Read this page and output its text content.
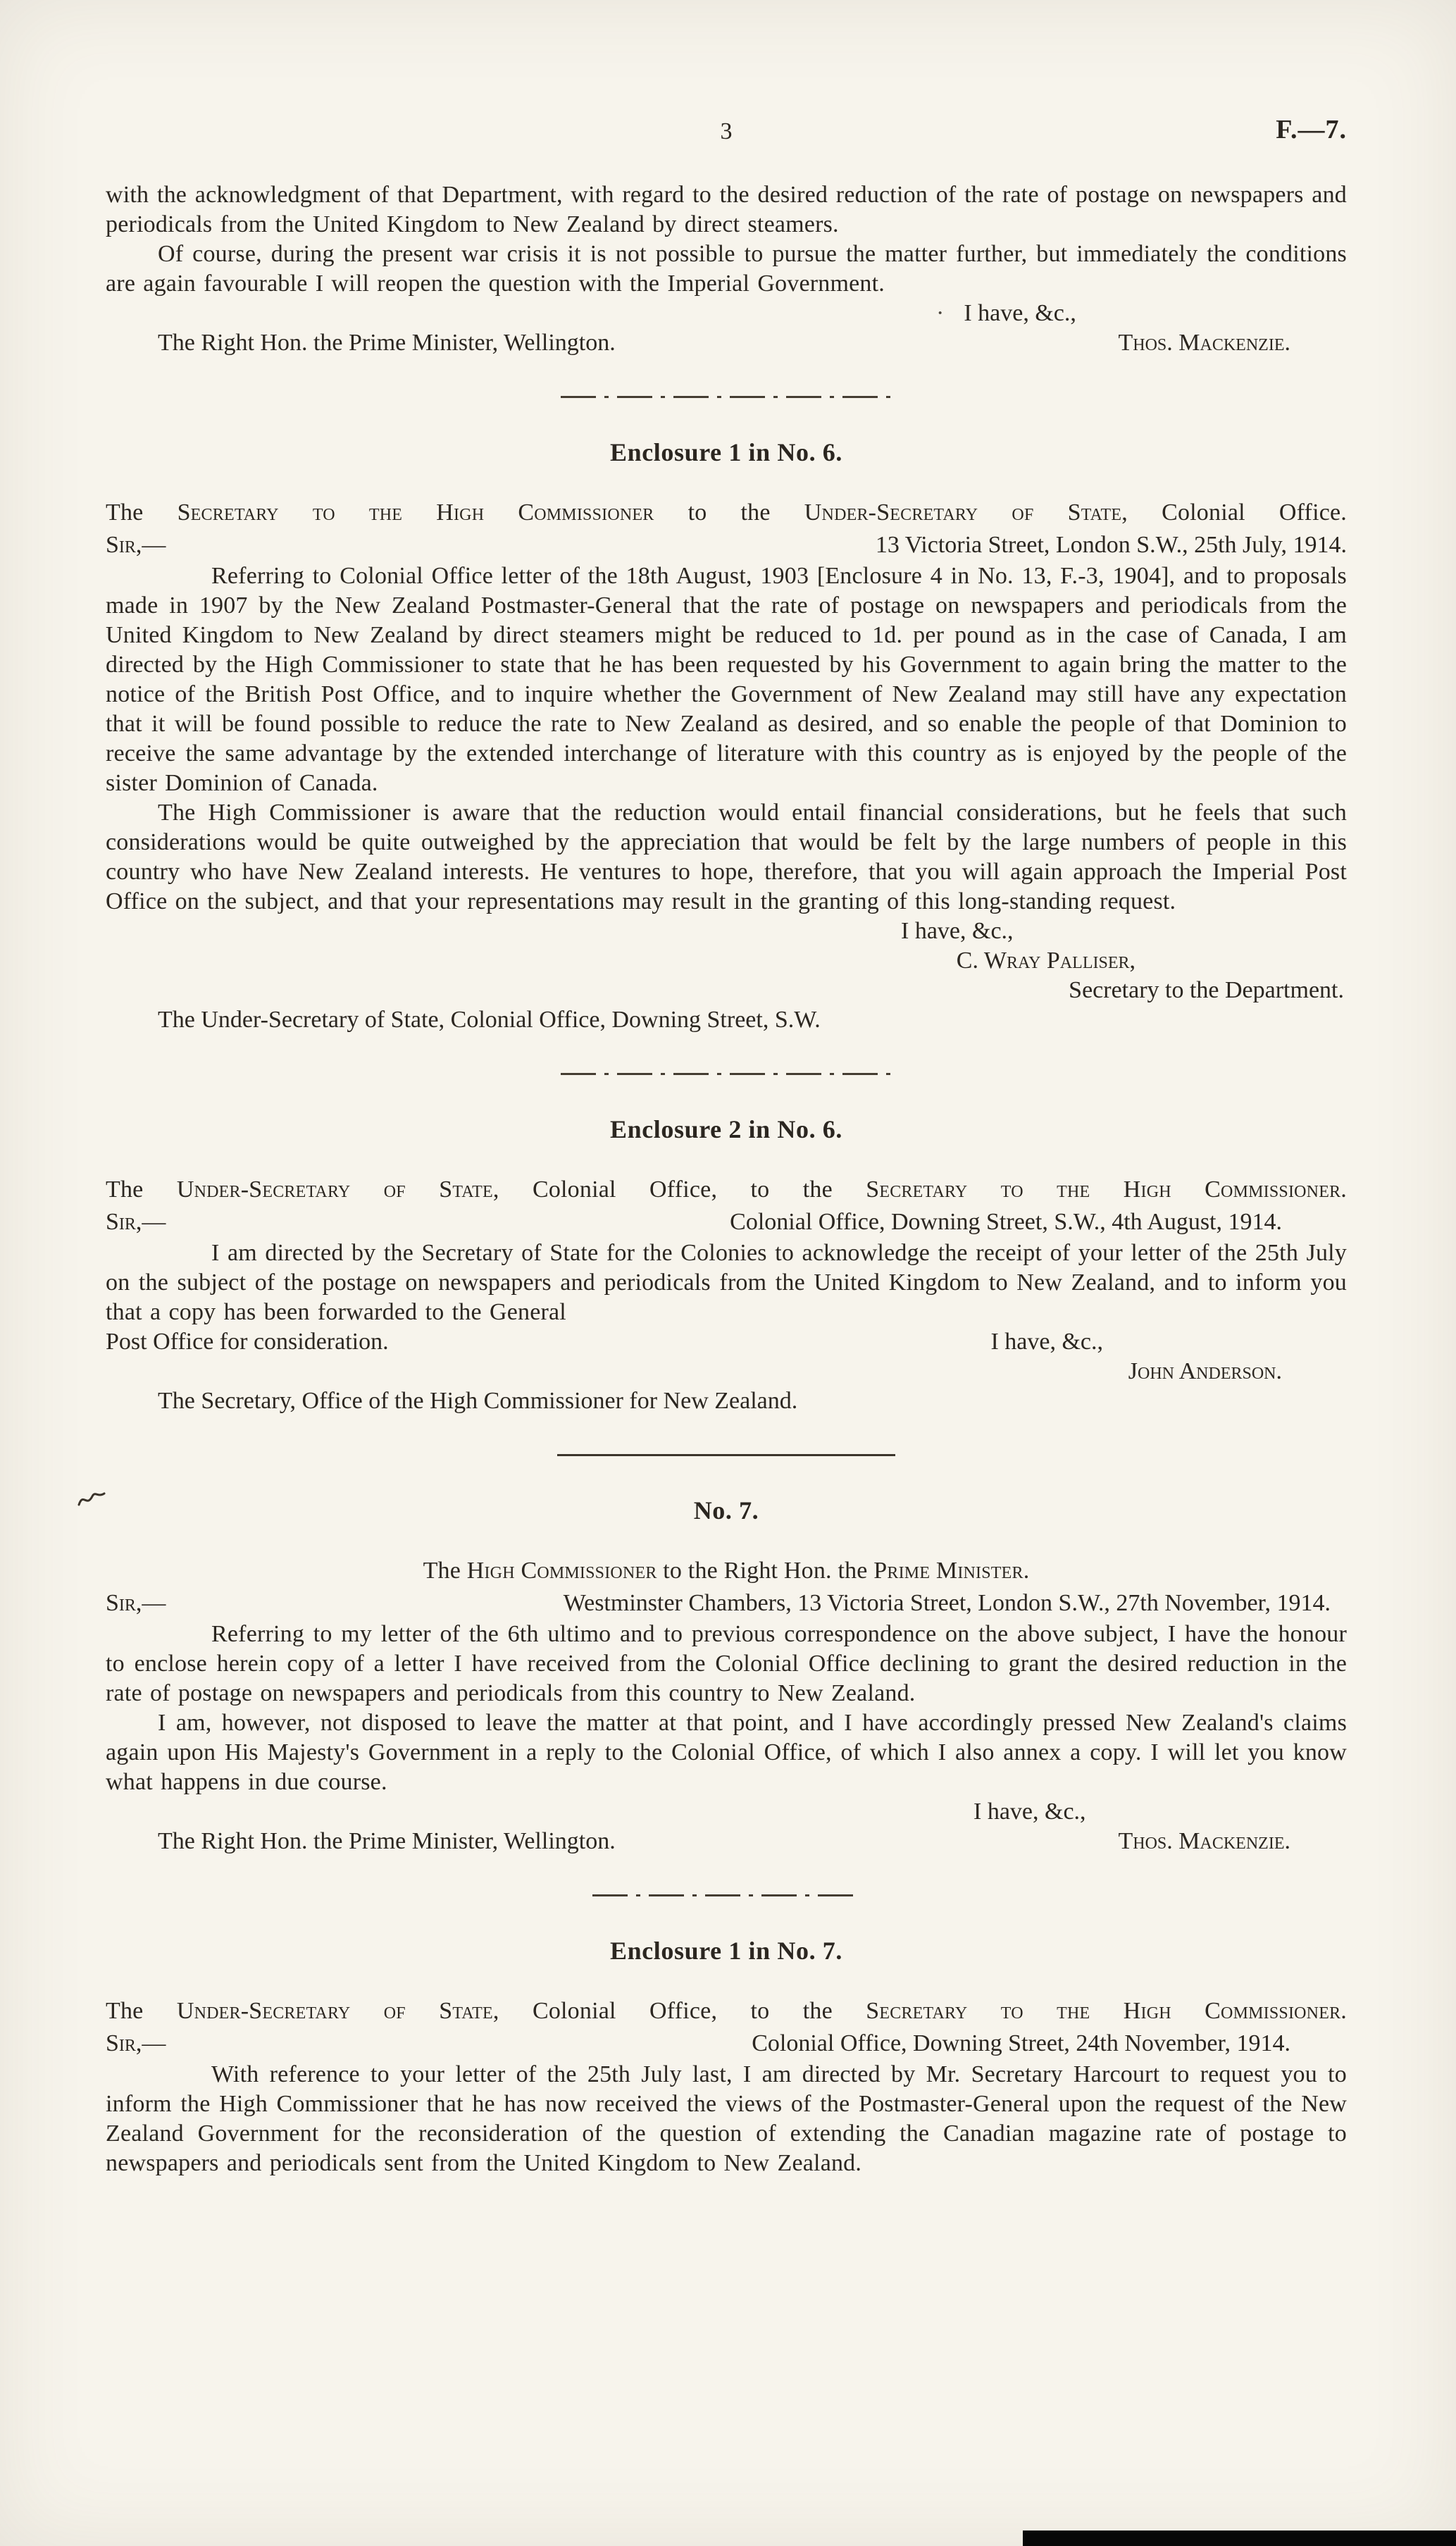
3	F.—7.

with the acknowledgment of that Department, with regard to the desired reduction of the rate of postage on newspapers and periodicals from the United Kingdom to New Zealand by direct steamers.

Of course, during the present war crisis it is not possible to pursue the matter further, but immediately the conditions are again favourable I will reopen the question with the Imperial Government.

· I have, &c.,
The Right Hon. the Prime Minister, Wellington.	Thos. Mackenzie.
Enclosure 1 in No. 6.

The Secretary to the High Commissioner to the Under-Secretary of State, Colonial Office.

Sir,—	13 Victoria Street, London S.W., 25th July, 1914.

Referring to Colonial Office letter of the 18th August, 1903 [Enclosure 4 in No. 13, F.-3, 1904], and to proposals made in 1907 by the New Zealand Postmaster-General that the rate of postage on newspapers and periodicals from the United Kingdom to New Zealand by direct steamers might be reduced to 1d. per pound as in the case of Canada, I am directed by the High Commissioner to state that he has been requested by his Government to again bring the matter to the notice of the British Post Office, and to inquire whether the Government of New Zealand may still have any expectation that it will be found possible to reduce the rate to New Zealand as desired, and so enable the people of that Dominion to receive the same advantage by the extended interchange of literature with this country as is enjoyed by the people of the sister Dominion of Canada.

The High Commissioner is aware that the reduction would entail financial considerations, but he feels that such considerations would be quite outweighed by the appreciation that would be felt by the large numbers of people in this country who have New Zealand interests. He ventures to hope, therefore, that you will again approach the Imperial Post Office on the subject, and that your representations may result in the granting of this long-standing request.

I have, &c.,

C. Wray Palliser,

Secretary to the Department.

The Under-Secretary of State, Colonial Office, Downing Street, S.W.

Enclosure 2 in No. 6.

The Under-Secretary of State, Colonial Office, to the Secretary to the High Commissioner.

Sir,—	Colonial Office, Downing Street, S.W., 4th August, 1914.

I am directed by the Secretary of State for the Colonies to acknowledge the receipt of your letter of the 25th July on the subject of the postage on newspapers and periodicals from the United Kingdom to New Zealand, and to inform you that a copy has been forwarded to the General

Post Office for consideration.	I have, &c.,

John Anderson.

The Secretary, Office of the High Commissioner for New Zealand.

No. 7.

The High Commissioner to the Right Hon. the Prime Minister.

Sir,—	Westminster Chambers, 13 Victoria Street, London S.W., 27th November, 1914.

Referring to my letter of the 6th ultimo and to previous correspondence on the above subject, I have the honour to enclose herein copy of a letter I have received from the Colonial Office declining to grant the desired reduction in the rate of postage on newspapers and periodicals from this country to New Zealand.

I am, however, not disposed to leave the matter at that point, and I have accordingly pressed New Zealand's claims again upon His Majesty's Government in a reply to the Colonial Office, of which I also annex a copy. I will let you know what happens in due course.

I have, &c.,
The Right Hon. the Prime Minister, Wellington.	Thos. Mackenzie.
Enclosure 1 in No. 7.

The Under-Secretary of State, Colonial Office, to the Secretary to the High Commissioner.

Sir,—	Colonial Office, Downing Street, 24th November, 1914.

With reference to your letter of the 25th July last, I am directed by Mr. Secretary Harcourt to request you to inform the High Commissioner that he has now received the views of the Postmaster-General upon the request of the New Zealand Government for the reconsideration of the question of extending the Canadian magazine rate of postage to newspapers and periodicals sent from the United Kingdom to New Zealand.
